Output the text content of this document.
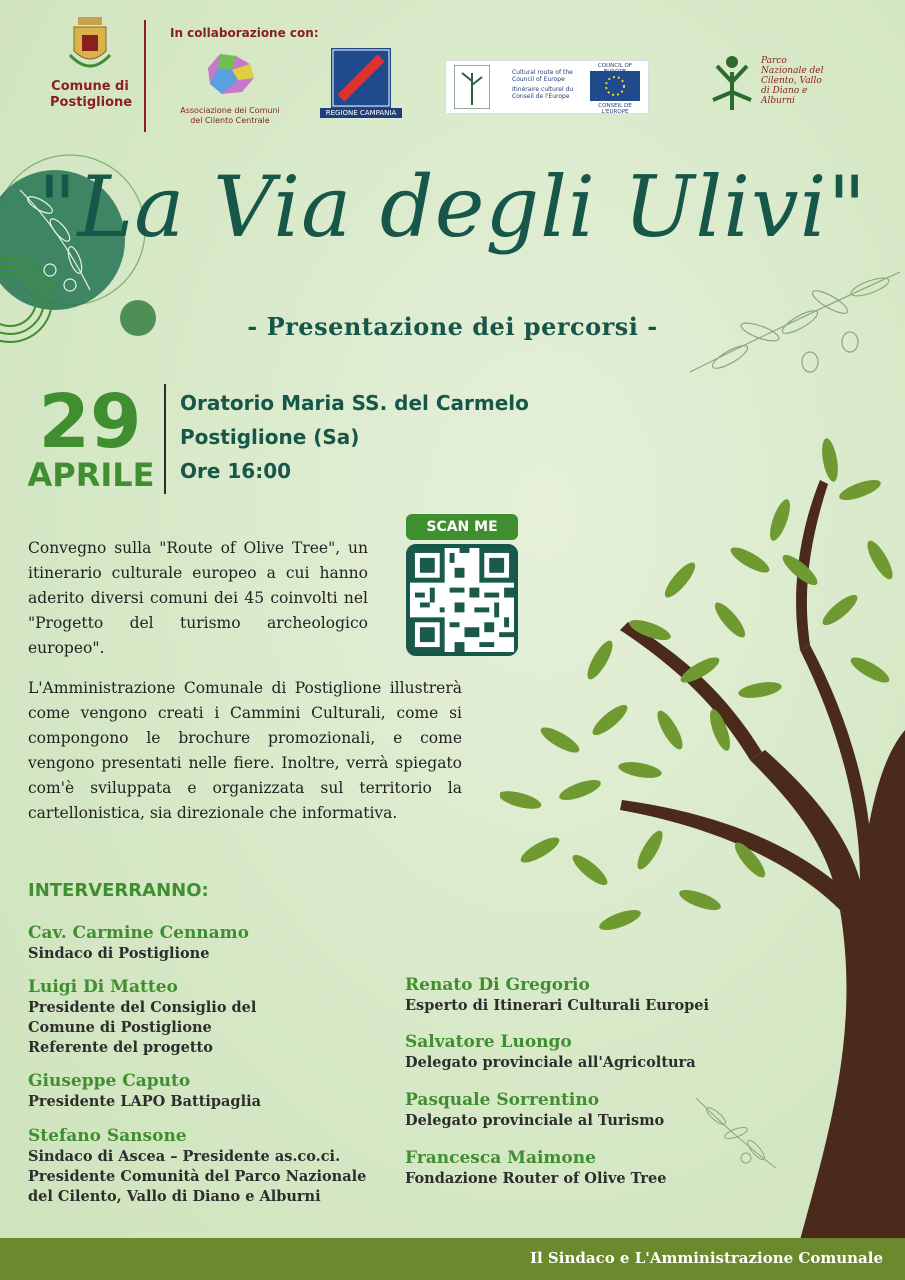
Comune di Postiglione
In collaborazione con:
Associazione dei Comuni del Cilento Centrale
REGIONE CAMPANIA
Cultural route of the Council of Europe
Itinéraire culturel du Conseil de l'Europe
COUNCIL OF
CONSEIL DE L'EUROPE
Parco Nazionale del Cilento, Vallo di Diano e Alburni
"La Via degli Ulivi"
- Presentazione dei percorsi -
29
APRILE
Oratorio Maria SS. del Carmelo
Postiglione (Sa)
Ore 16:00
SCAN ME
Convegno sulla "Route of Olive Tree", un itinerario culturale europeo a cui hanno aderito diversi comuni dei 45 coinvolti nel "Progetto del turismo archeologico europeo".
L'Amministrazione Comunale di Postiglione illustrerà come vengono creati i Cammini Culturali, come si compongono le brochure promozionali, e come vengono presentati nelle fiere. Inoltre, verrà spiegato com'è sviluppata e organizzata sul territorio la cartellonistica, sia direzionale che informativa.
INTERVERRANNO:
Cav. Carmine Cennamo
Sindaco di Postiglione
Luigi Di Matteo
Presidente del Consiglio del
Comune di Postiglione
Referente del progetto
Giuseppe Caputo
Presidente LAPO Battipaglia
Stefano Sansone
Sindaco di Ascea – Presidente as.co.ci.
Presidente Comunità del Parco Nazionale
del Cilento, Vallo di Diano e Alburni
Renato Di Gregorio
Esperto di Itinerari Culturali Europei
Salvatore Luongo
Delegato provinciale all'Agricoltura
Pasquale Sorrentino
Delegato provinciale al Turismo
Francesca Maimone
Fondazione Router of Olive Tree
Il Sindaco e L'Amministrazione Comunale
